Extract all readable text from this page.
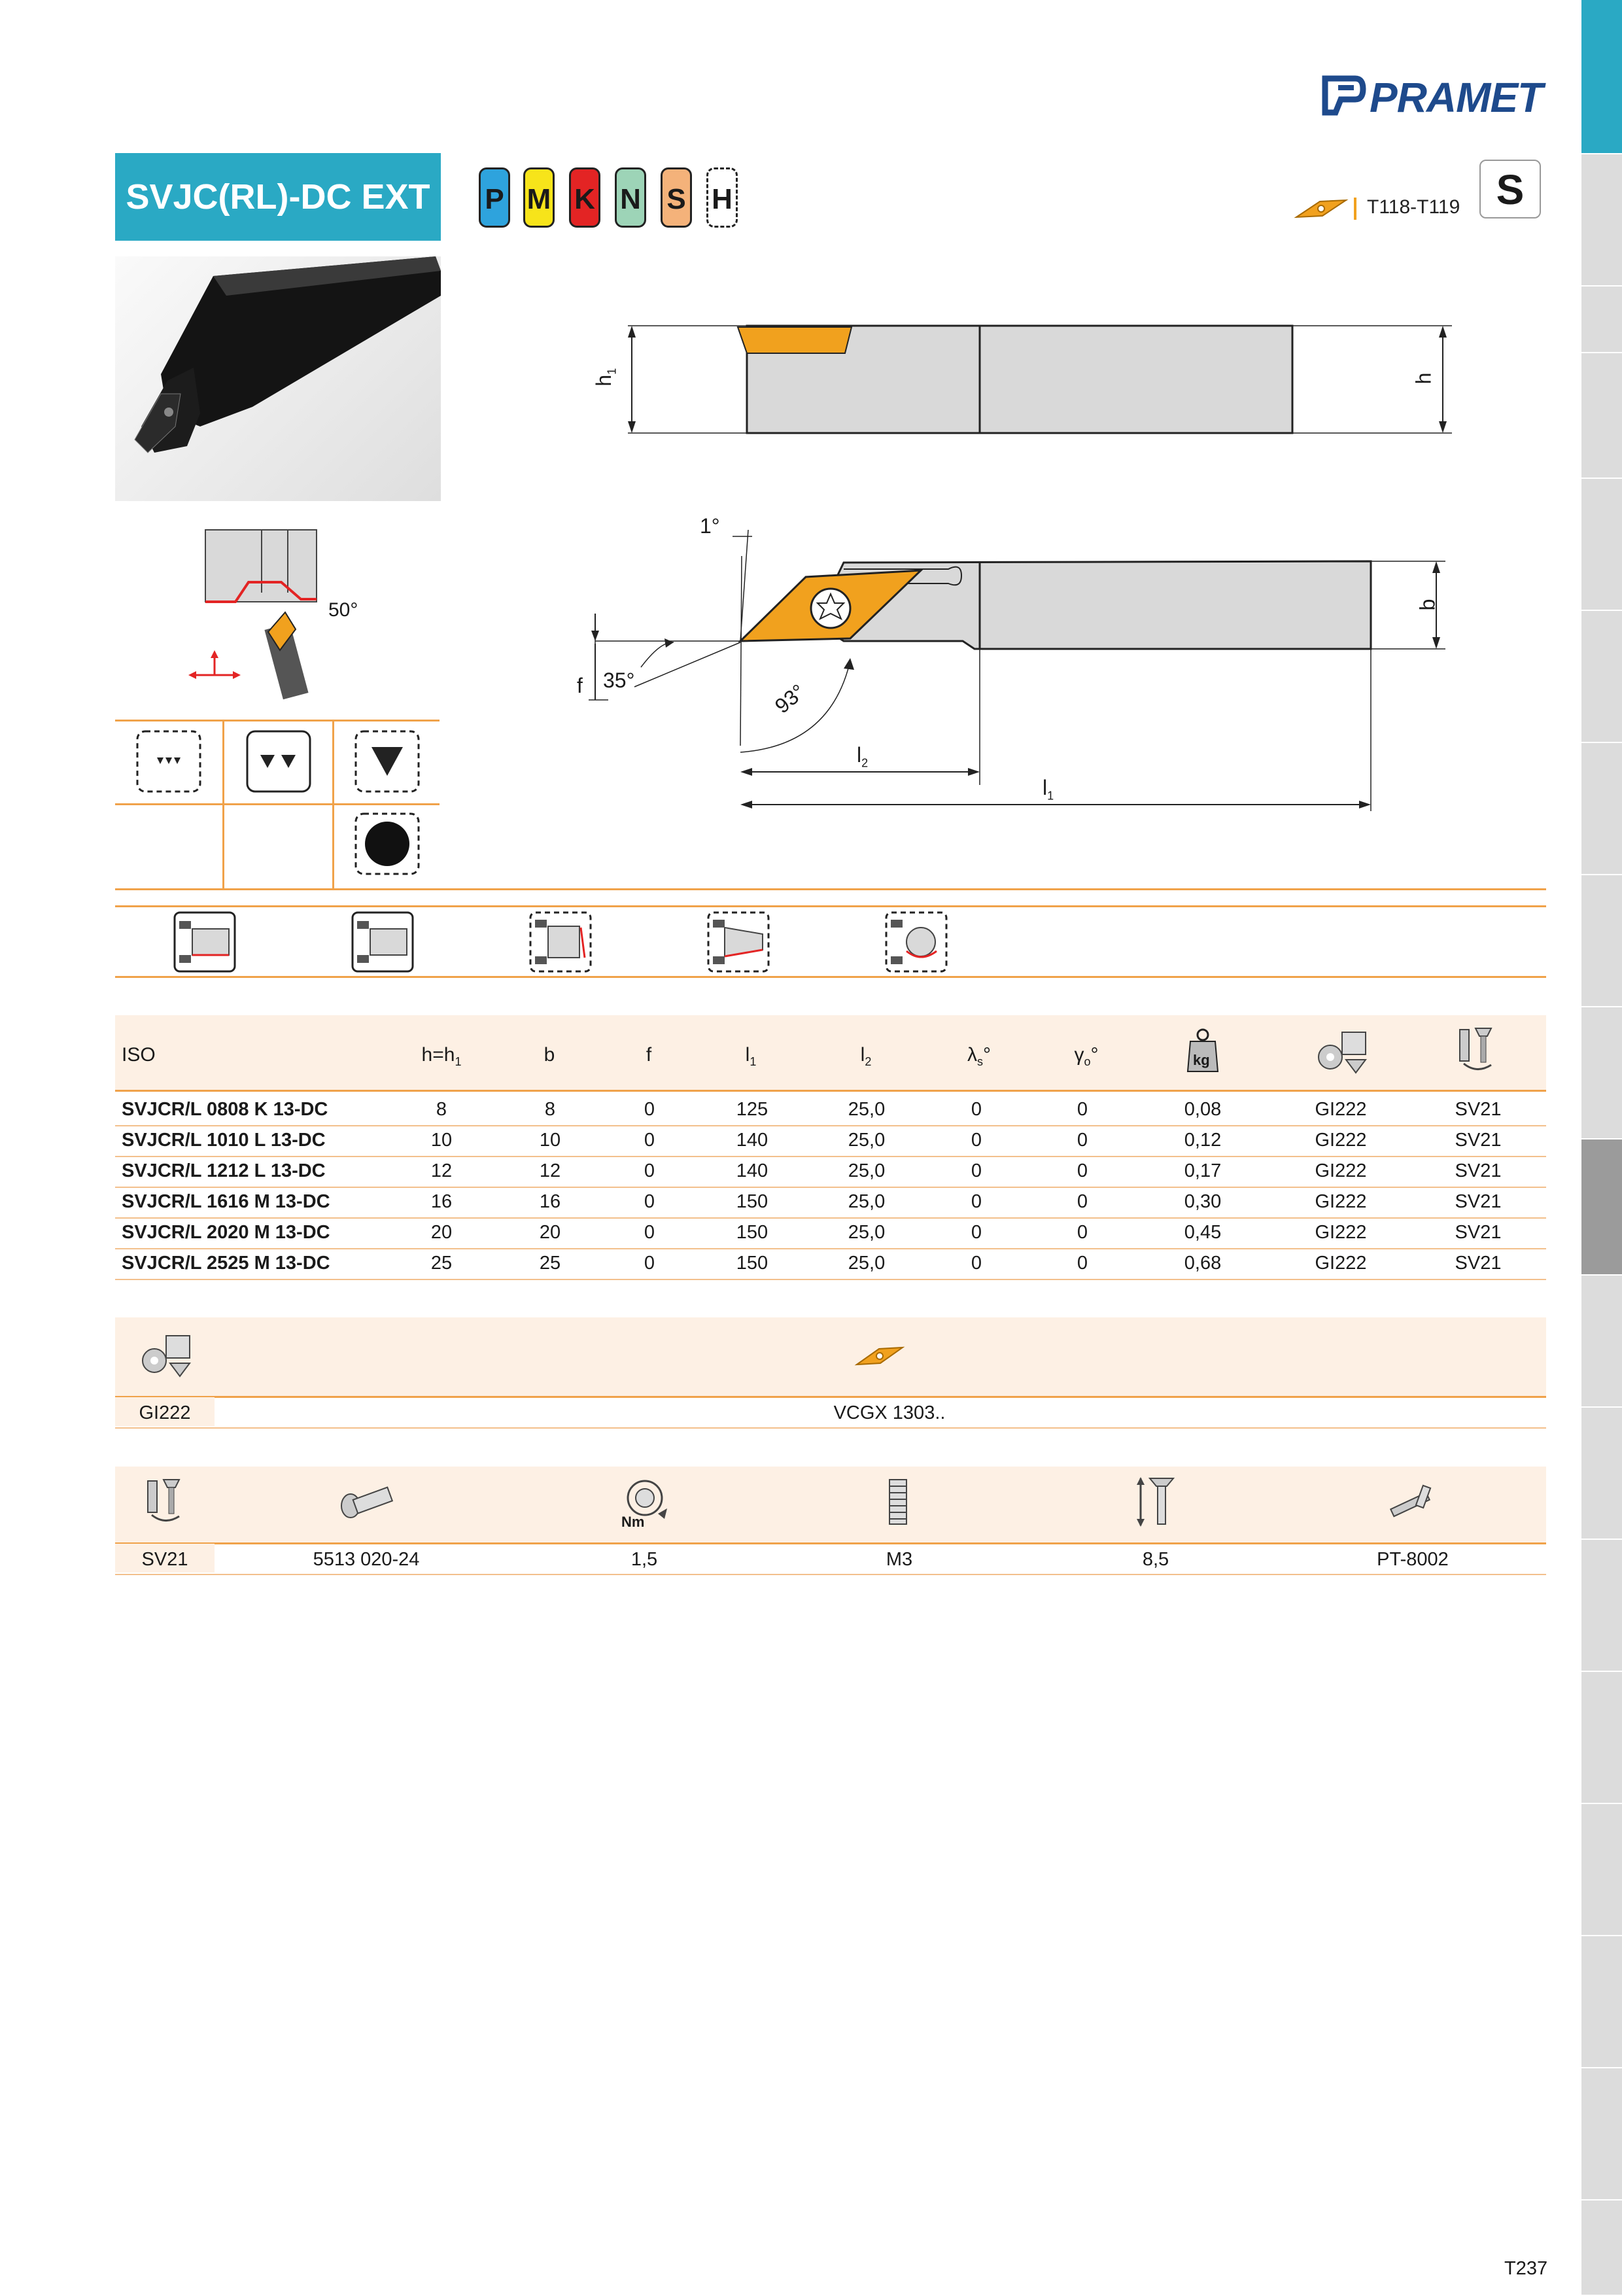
PRAMET
SVJC(RL)-DC EXT	P M K N S H	T118-T119 S
$h_1$
h
1°
b
f 35°	93°
$l_2$
$l_1$
50°
ISO	$h=h_1$	b	f	$l_1$	$l_2$	$\lambda_s^\circ$	$\gamma_o^\circ$	kg
SVJCR/L 0808 K 13-DC	8	8	0	125	25,0	0	0	0,08	GI222	SV21
SVJCR/L 1010 L 13-DC	10	10	0	140	25,0	0	0	0,12	GI222	SV21
SVJCR/L 1212 L 13-DC	12	12	0	140	25,0	0	0	0,17	GI222	SV21
SVJCR/L 1616 M 13-DC	16	16	0	150	25,0	0	0	0,30	GI222	SV21
SVJCR/L 2020 M 13-DC	20	20	0	150	25,0	0	0	0,45	GI222	SV21
SVJCR/L 2525 M 13-DC	25	25	0	150	25,0	0	0	0,68	GI222	SV21
GI222	VCGX 1303..
Nm
SV21	5513 020-24	1,5	M3	8,5	PT-8002
T237
